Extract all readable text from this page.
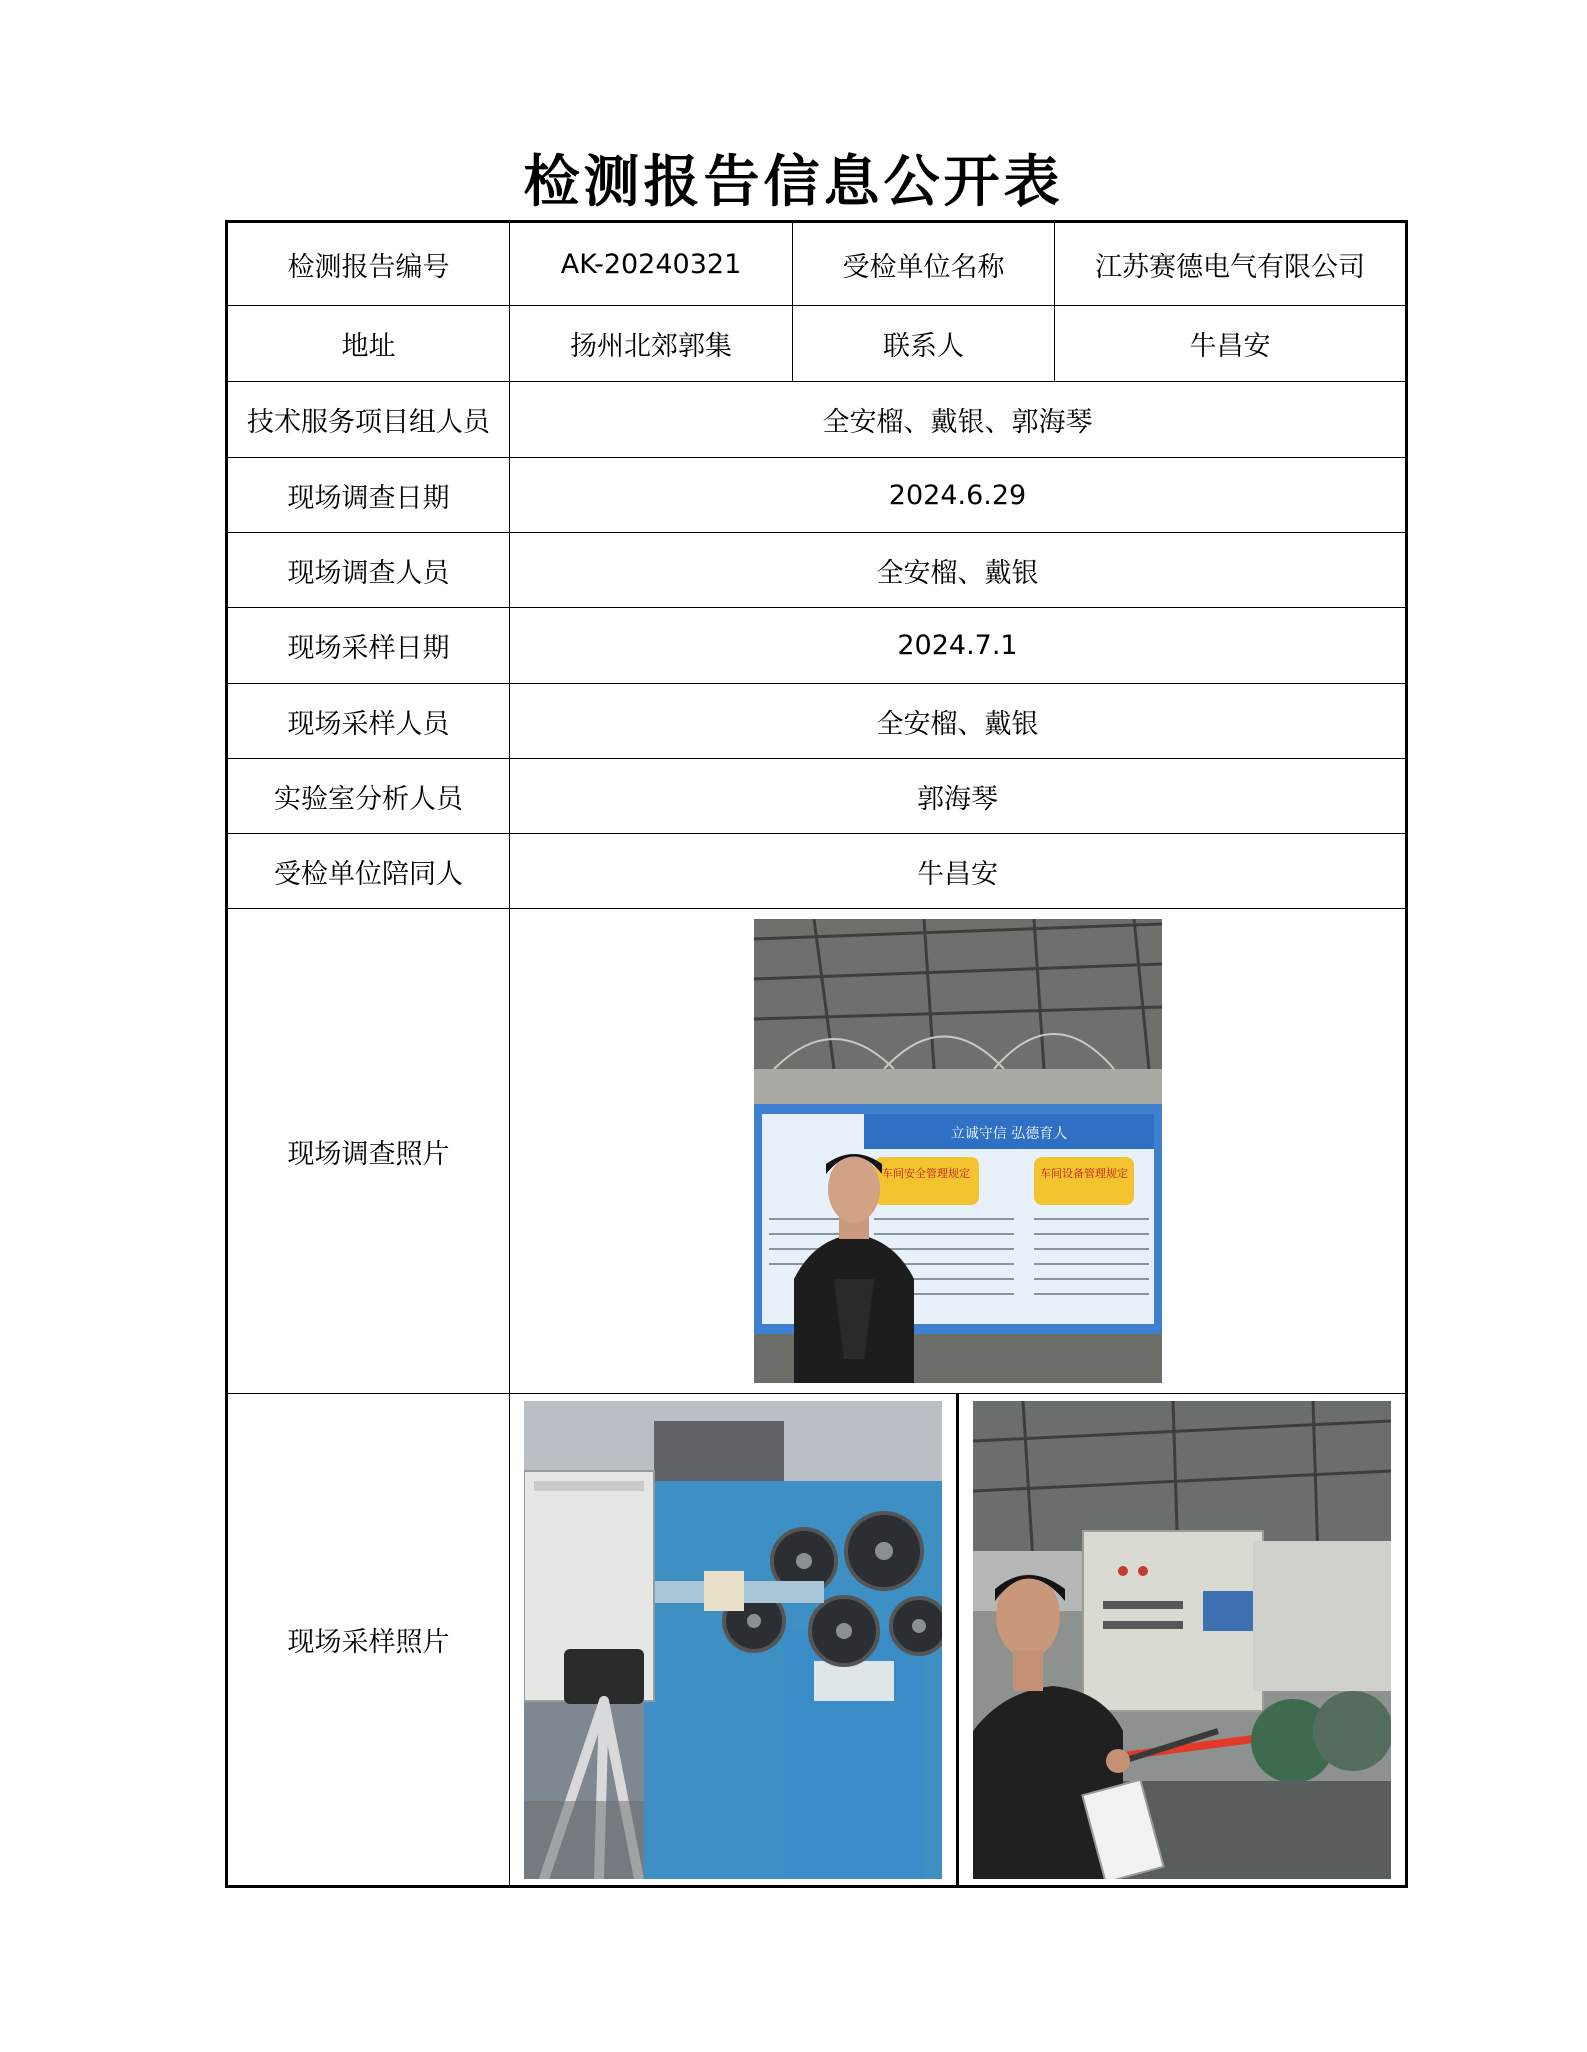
检测报告信息公开表
检测报告编号	AK-20240321	受检单位名称	江苏赛德电气有限公司
地址	扬州北郊郭集	联系人	牛昌安
技术服务项目组人员	全安榴、戴银、郭海琴		
现场调查日期	2024.6.29		
现场调查人员	全安榴、戴银		
现场采样日期	2024.7.1		
现场采样人员	全安榴、戴银		
实验室分析人员	郭海琴		
受检单位陪同人	牛昌安		
现场调查照片	立诚守信 弘德育人
车间安全管理规定 车间设备管理规定		

现场采样照片	
